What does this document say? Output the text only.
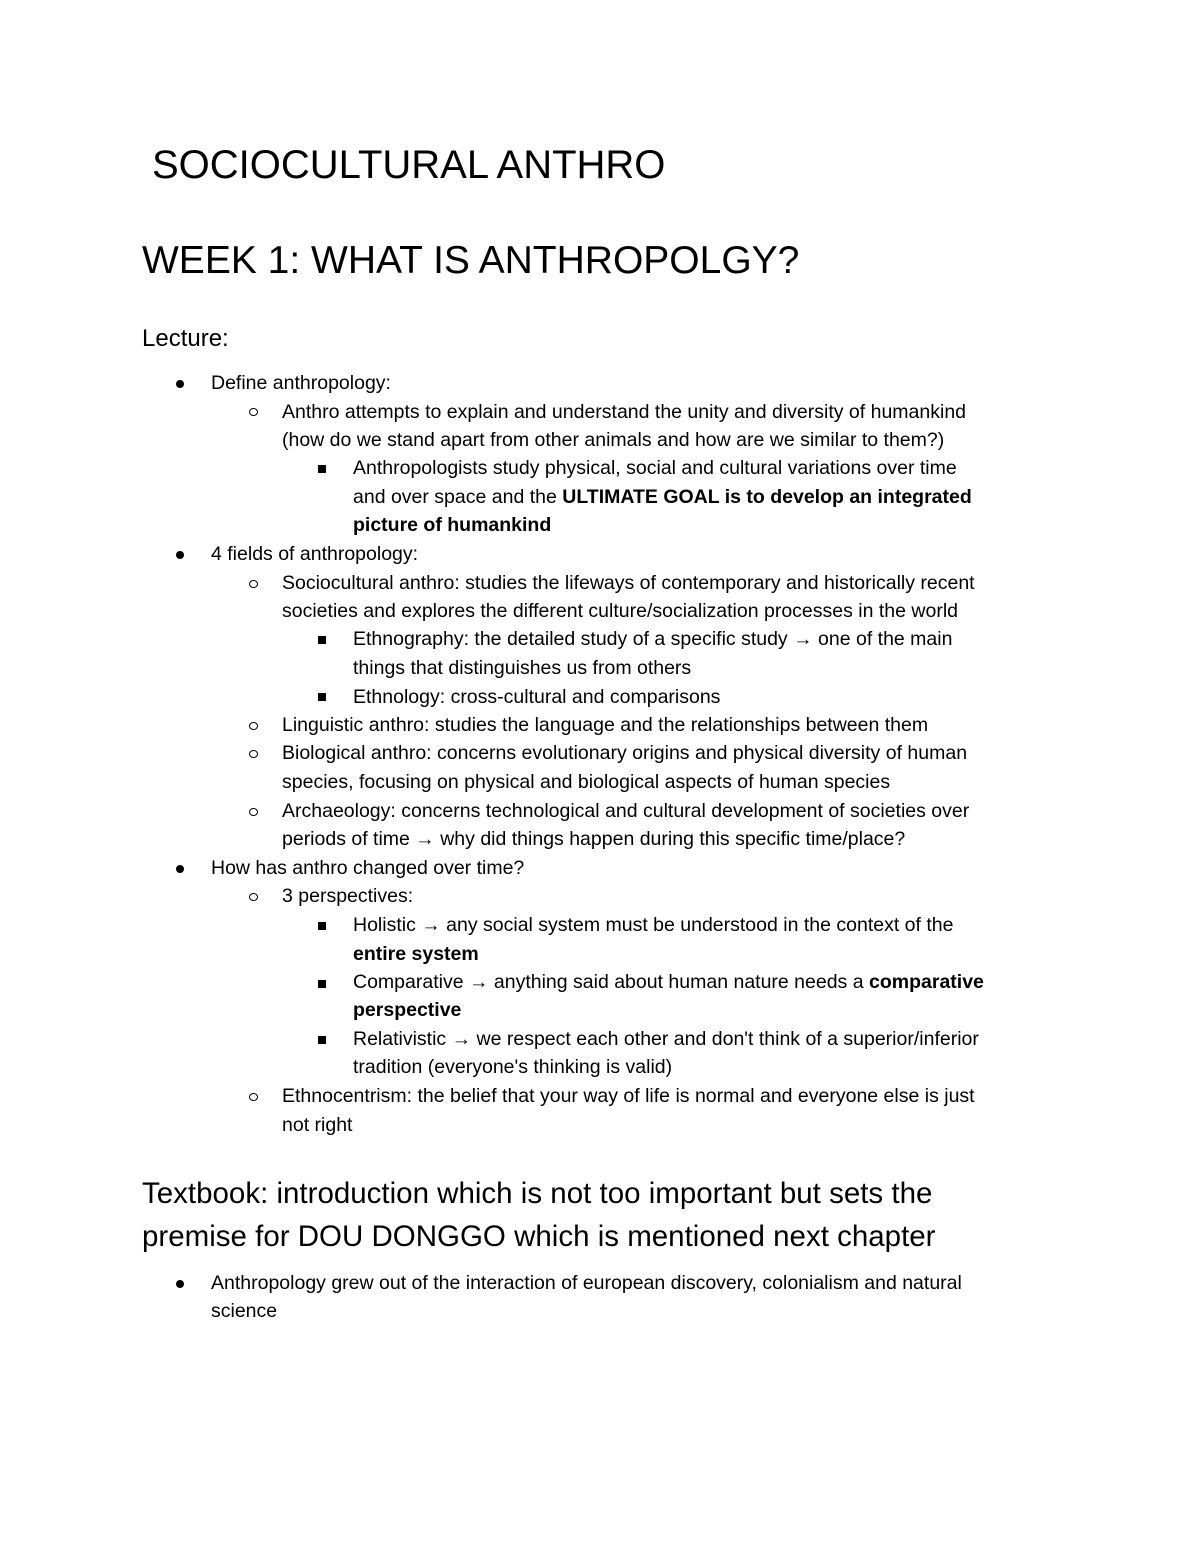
SOCIOCULTURAL ANTHRO
WEEK 1: WHAT IS ANTHROPOLGY?
Lecture:
Define anthropology:
Anthro attempts to explain and understand the unity and diversity of humankind
(how do we stand apart from other animals and how are we similar to them?)
Anthropologists study physical, social and cultural variations over time
and over space and the ULTIMATE GOAL is to develop an integrated
picture of humankind
4 fields of anthropology:
Sociocultural anthro: studies the lifeways of contemporary and historically recent
societies and explores the different culture/socialization processes in the world
Ethnography: the detailed study of a specific study → one of the main
things that distinguishes us from others
Ethnology: cross-cultural and comparisons
Linguistic anthro: studies the language and the relationships between them
Biological anthro: concerns evolutionary origins and physical diversity of human
species, focusing on physical and biological aspects of human species
Archaeology: concerns technological and cultural development of societies over
periods of time → why did things happen during this specific time/place?
How has anthro changed over time?
3 perspectives:
Holistic → any social system must be understood in the context of the
entire system
Comparative → anything said about human nature needs a comparative
perspective
Relativistic → we respect each other and don't think of a superior/inferior
tradition (everyone's thinking is valid)
Ethnocentrism: the belief that your way of life is normal and everyone else is just
not right
Textbook: introduction which is not too important but sets the
premise for DOU DONGGO which is mentioned next chapter
Anthropology grew out of the interaction of european discovery, colonialism and natural
science
